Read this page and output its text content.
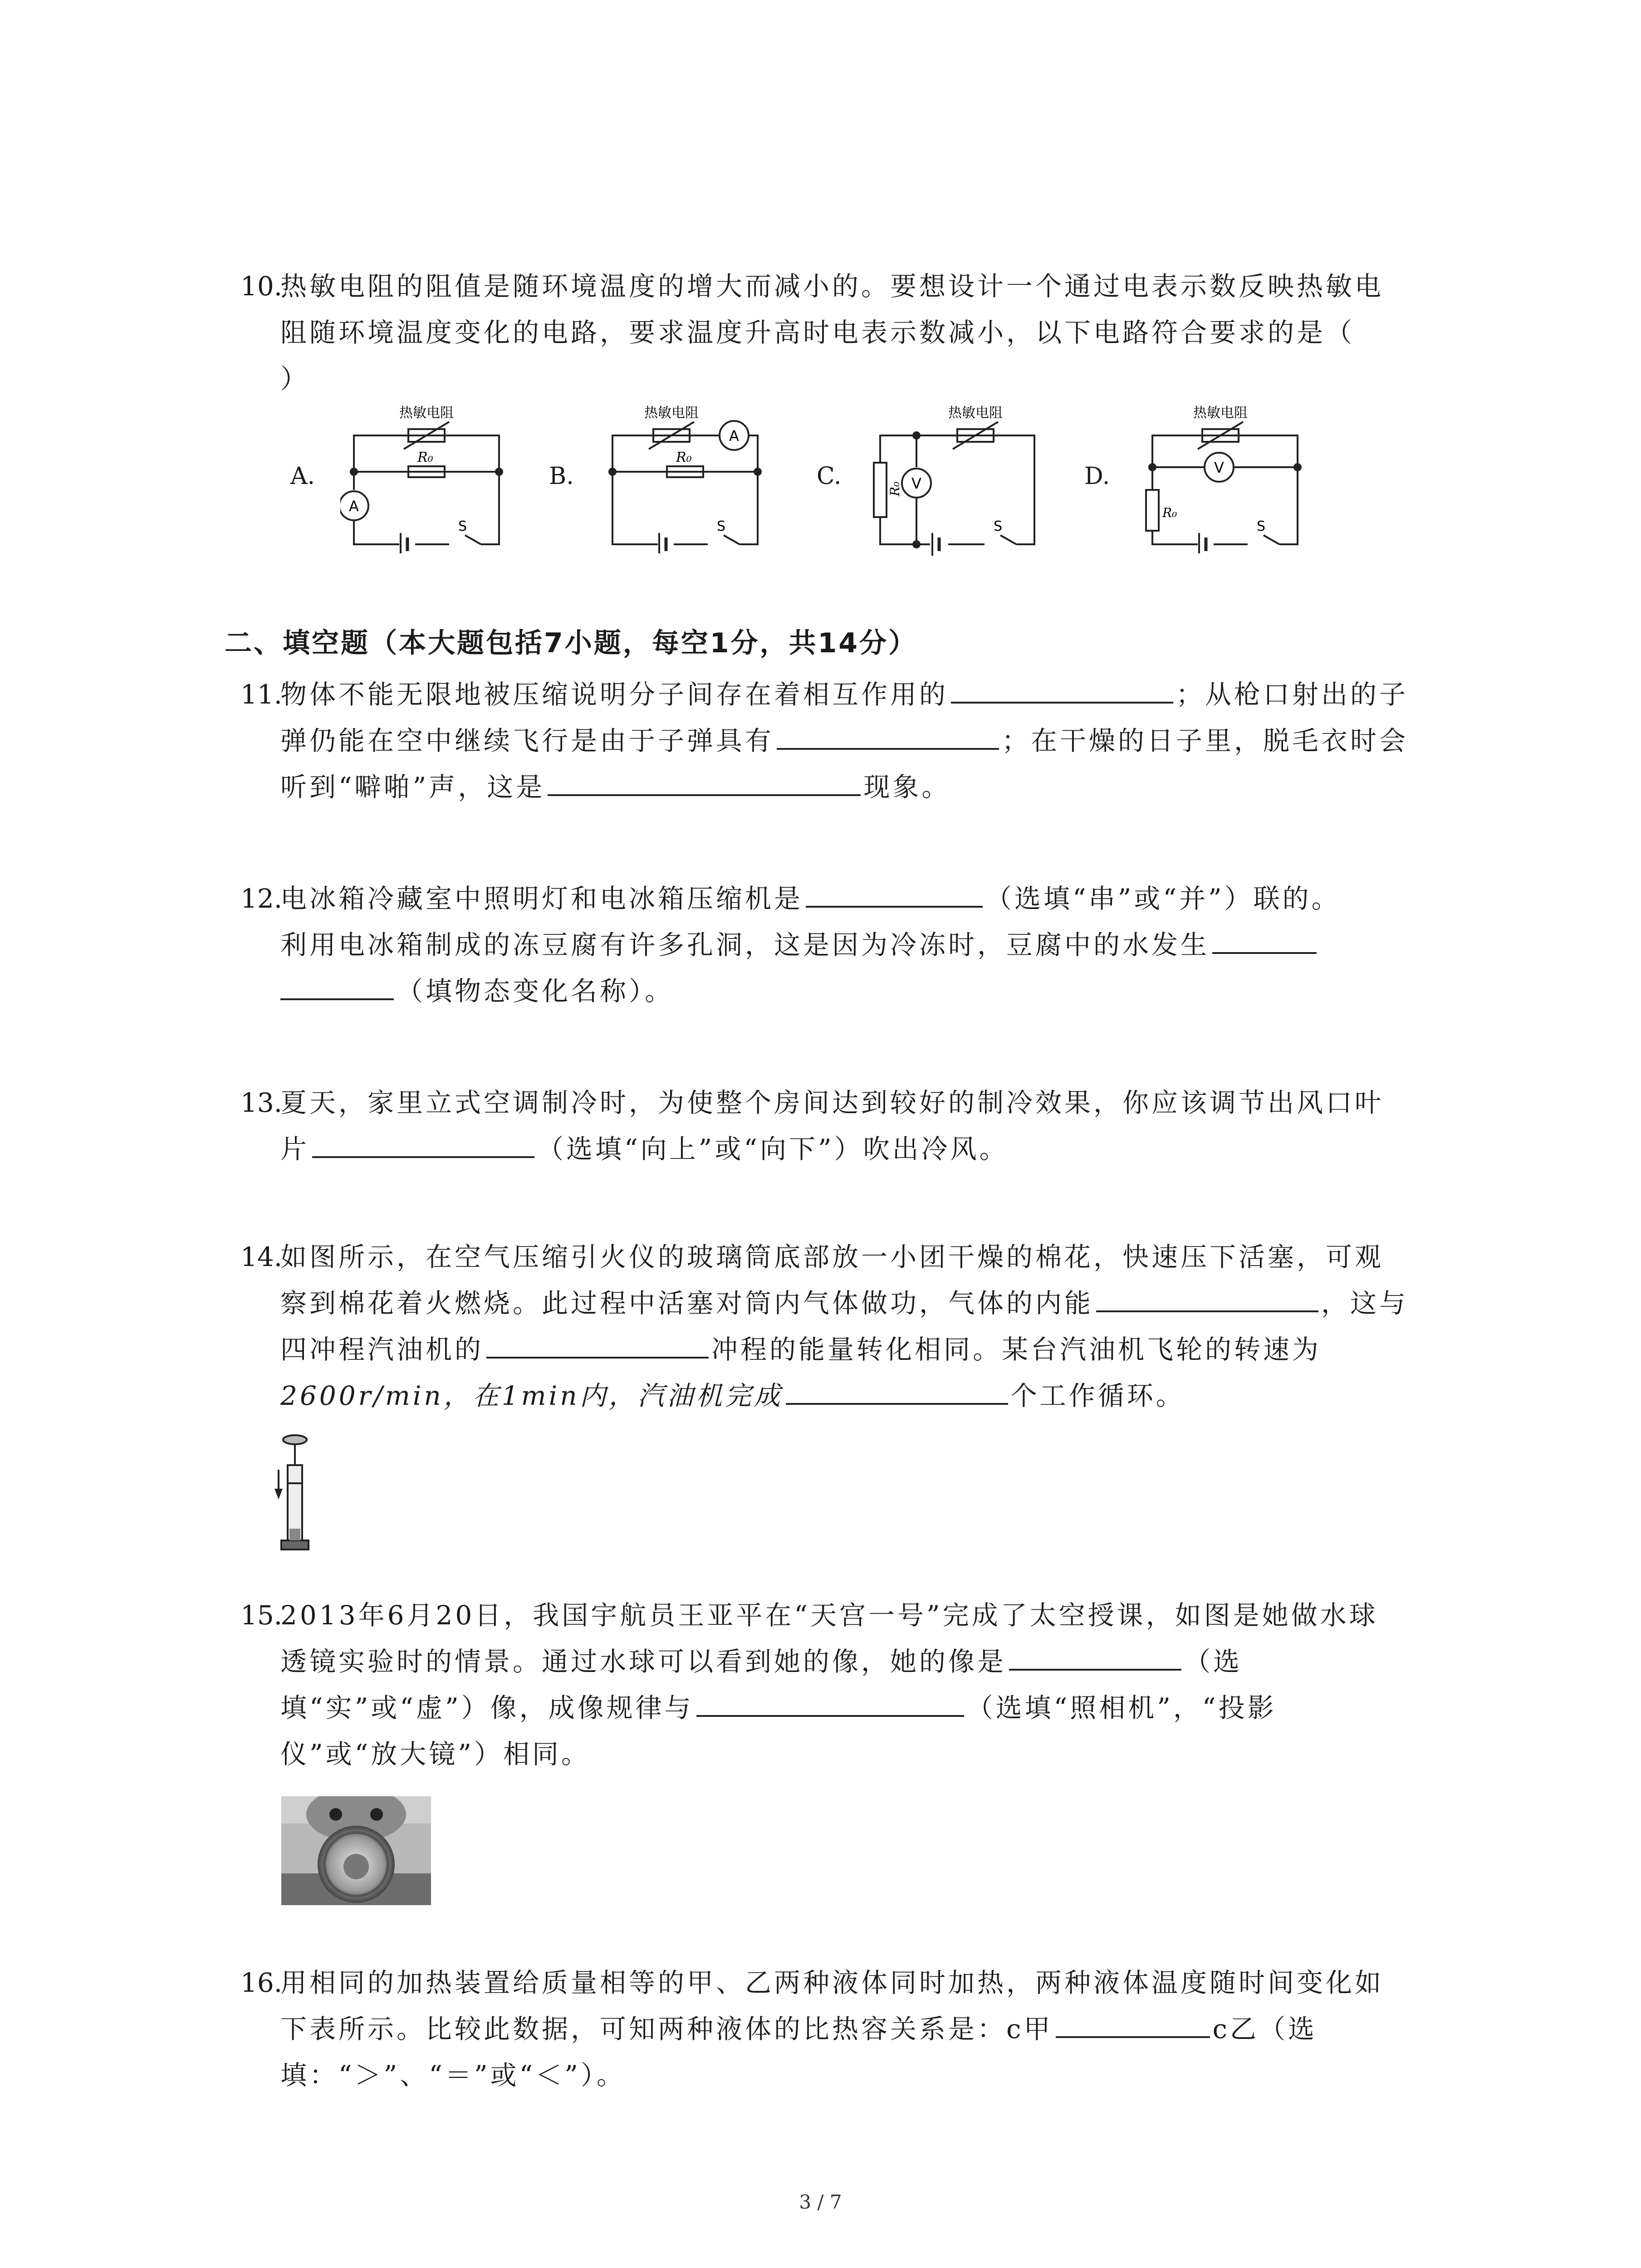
10.
热敏电阻的阻值是随环境温度的增大而减小的。要想设计一个通过电表示数反映热敏电
阻随环境温度变化的电路，要求温度升高时电表示数减小，以下电路符合要求的是（
）
A.
热敏电阻
R₀
A
S
B.
热敏电阻
R₀
A
S
C.
热敏电阻
R₀ V
S
D.
热敏电阻
R₀
V
S
二、填空题（本大题包括7小题，每空1分，共14分）
11.
物体不能无限地被压缩说明分子间存在着相互作用的	；从枪口射出的子
弹仍能在空中继续飞行是由于子弹具有	；在干燥的日子里，脱毛衣时会
听到“噼啪”声，这是	现象。
12.
电冰箱冷藏室中照明灯和电冰箱压缩机是	（选填“串”或“并”）联的。
利用电冰箱制成的冻豆腐有许多孔洞，这是因为冷冻时，豆腐中的水发生
（填物态变化名称）。
13.
夏天，家里立式空调制冷时，为使整个房间达到较好的制冷效果，你应该调节出风口叶
片	（选填“向上”或“向下”）吹出冷风。
14.
如图所示，在空气压缩引火仪的玻璃筒底部放一小团干燥的棉花，快速压下活塞，可观
察到棉花着火燃烧。此过程中活塞对筒内气体做功，气体的内能	，这与
四冲程汽油机的	冲程的能量转化相同。某台汽油机飞轮的转速为
2600r/min，在1min内，汽油机完成	个工作循环。
15.
2013年6月20日，我国宇航员王亚平在“天宫一号”完成了太空授课，如图是她做水球
透镜实验时的情景。通过水球可以看到她的像，她的像是	（选
填“实”或“虚”）像，成像规律与	（选填“照相机”，“投影
仪”或“放大镜”）相同。
16.
用相同的加热装置给质量相等的甲、乙两种液体同时加热，两种液体温度随时间变化如
下表所示。比较此数据，可知两种液体的比热容关系是：c甲	c乙（选
填：“＞”、“＝”或“＜”）。
3 / 7
